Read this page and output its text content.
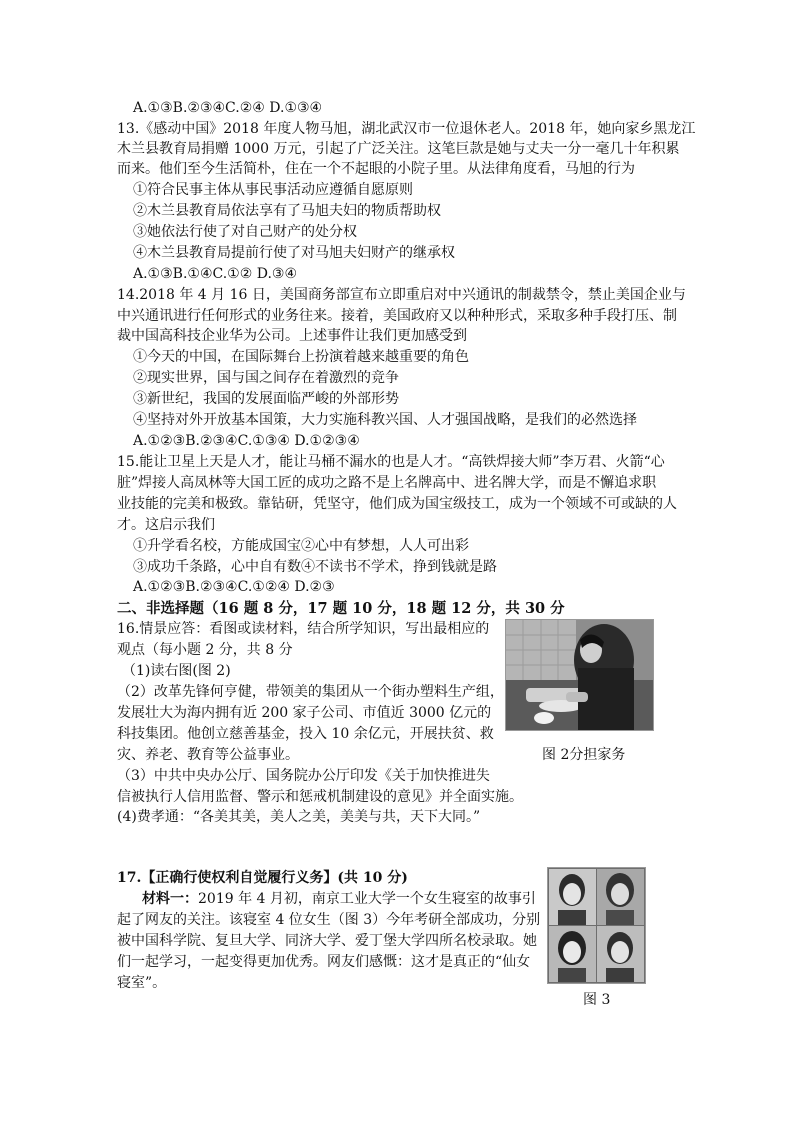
A.①③B.②③④C.②④ D.①③④
13.《感动中国》2018 年度人物马旭，湖北武汉市一位退休老人。2018 年，她向家乡黑龙江
木兰县教育局捐赠 1000 万元，引起了广泛关注。这笔巨款是她与丈夫一分一毫几十年积累
而来。他们至今生活简朴，住在一个不起眼的小院子里。从法律角度看，马旭的行为
①符合民事主体从事民事活动应遵循自愿原则
②木兰县教育局依法享有了马旭夫妇的物质帮助权
③她依法行使了对自己财产的处分权
④木兰县教育局提前行使了对马旭夫妇财产的继承权
A.①③B.①④C.①② D.③④
14.2018 年 4 月 16 日，美国商务部宣布立即重启对中兴通讯的制裁禁令，禁止美国企业与
中兴通讯进行任何形式的业务往来。接着，美国政府又以种种形式，采取多种手段打压、制
裁中国高科技企业华为公司。上述事件让我们更加感受到
①今天的中国，在国际舞台上扮演着越来越重要的角色
②现实世界，国与国之间存在着激烈的竞争
③新世纪，我国的发展面临严峻的外部形势
④坚持对外开放基本国策，大力实施科教兴国、人才强国战略，是我们的必然选择
A.①②③B.②③④C.①③④ D.①②③④
15.能让卫星上天是人才，能让马桶不漏水的也是人才。“高铁焊接大师”李万君、火箭“心
脏”焊接人高凤林等大国工匠的成功之路不是上名牌高中、进名牌大学，而是不懈追求职
业技能的完美和极致。靠钻研，凭坚守，他们成为国宝级技工，成为一个领域不可或缺的人
才。这启示我们
①升学看名校，方能成国宝②心中有梦想，人人可出彩
③成功千条路，心中自有数④不读书不学术，挣到钱就是路
A.①②③B.②③④C.①②④ D.②③
二、非选择题（16 题 8 分，17 题 10 分，18 题 12 分，共 30 分
16.情景应答：看图或读材料，结合所学知识，写出最相应的
观点（每小题 2 分，共 8 分
（1)读右图(图 2)
（2）改革先锋何亨健，带领美的集团从一个街办塑料生产组，
发展壮大为海内拥有近 200 家子公司、市值近 3000 亿元的
科技集团。他创立慈善基金，投入 10 余亿元，开展扶贫、救
灾、养老、教育等公益事业。
（3）中共中央办公厅、国务院办公厅印发《关于加快推进失
信被执行人信用监督、警示和惩戒机制建设的意见》并全面实施。
(4)费孝通：“各美其美，美人之美，美美与共，天下大同。”
图 2分担家务
17.【正确行使权利自觉履行义务】(共 10 分)
材料一：2019 年 4 月初，南京工业大学一个女生寝室的故事引
起了网友的关注。该寝室 4 位女生（图 3）今年考研全部成功，分别
被中国科学院、复旦大学、同济大学、爱丁堡大学四所名校录取。她
们一起学习，一起变得更加优秀。网友们感慨：这才是真正的“仙女
寝室”。
图 3
